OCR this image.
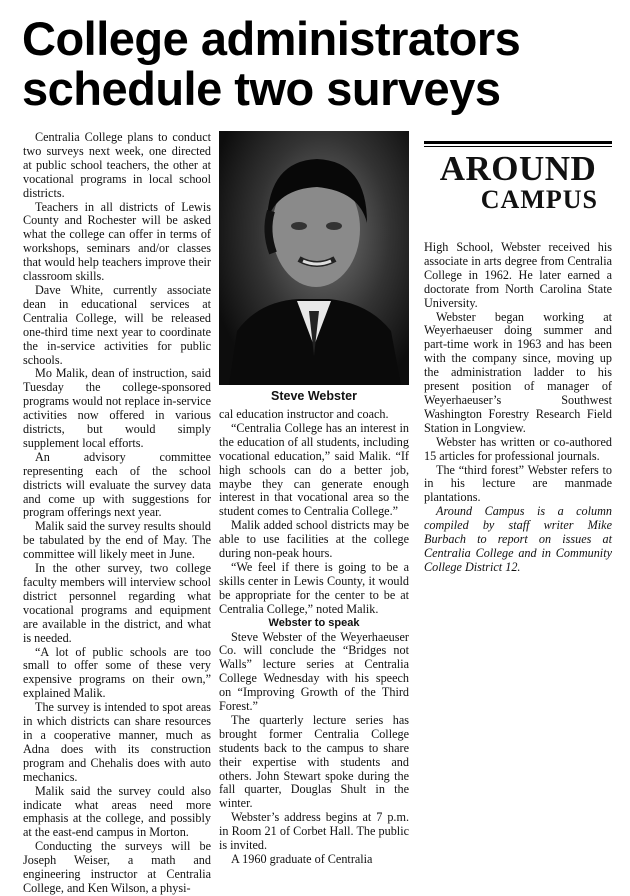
College administrators schedule two surveys

Centralia College plans to conduct two surveys next week, one directed at public school teachers, the other at vocational programs in local school districts.

Teachers in all districts of Lewis County and Rochester will be asked what the college can offer in terms of workshops, seminars and/or classes that would help teachers improve their classroom skills.

Dave White, currently associate dean in educational services at Centralia College, will be released one-third time next year to coordinate the in-service activities for public schools.

Mo Malik, dean of instruction, said Tuesday the college-sponsored programs would not replace in-service activities now offered in various districts, but would simply supplement local efforts.

An advisory committee representing each of the school districts will evaluate the survey data and come up with suggestions for program offerings next year.

Malik said the survey results should be tabulated by the end of May. The committee will likely meet in June.

In the other survey, two college faculty members will interview school district personnel regarding what vocational programs and equipment are available in the district, and what is needed.

“A lot of public schools are too small to offer some of these very expensive programs on their own,” explained Malik.

The survey is intended to spot areas in which districts can share resources in a cooperative manner, much as Adna does with its construction program and Chehalis does with auto mechanics.

Malik said the survey could also indicate what areas need more emphasis at the college, and possibly at the east-end campus in Morton.

Conducting the surveys will be Joseph Weiser, a math and engineering instructor at Centralia College, and Ken Wilson, a physi-

Steve Webster

cal education instructor and coach.

“Centralia College has an interest in the education of all students, including vocational education,” said Malik. “If high schools can do a better job, maybe they can generate enough interest in that vocational area so the student comes to Centralia College.”

Malik added school districts may be able to use facilities at the college during non-peak hours.

“We feel if there is going to be a skills center in Lewis County, it would be appropriate for the center to be at Centralia College,” noted Malik.

Webster to speak

Steve Webster of the Weyerhaeuser Co. will conclude the “Bridges not Walls” lecture series at Centralia College Wednesday with his speech on “Improving Growth of the Third Forest.”

The quarterly lecture series has brought former Centralia College students back to the campus to share their expertise with students and others. John Stewart spoke during the fall quarter, Douglas Shult in the winter.

Webster’s address begins at 7 p.m. in Room 21 of Corbet Hall. The public is invited.

A 1960 graduate of Centralia

AROUND
CAMPUS

High School, Webster received his associate in arts degree from Centralia College in 1962. He later earned a doctorate from North Carolina State University.

Webster began working at Weyerhaeuser doing summer and part-time work in 1963 and has been with the company since, moving up the administration ladder to his present position of manager of Weyerhaeuser’s Southwest Washington Forestry Research Field Station in Longview.

Webster has written or co-authored 15 articles for professional journals.

The “third forest” Webster refers to in his lecture are manmade plantations.

Around Campus is a column compiled by staff writer Mike Burbach to report on issues at Centralia College and in Community College District 12.
